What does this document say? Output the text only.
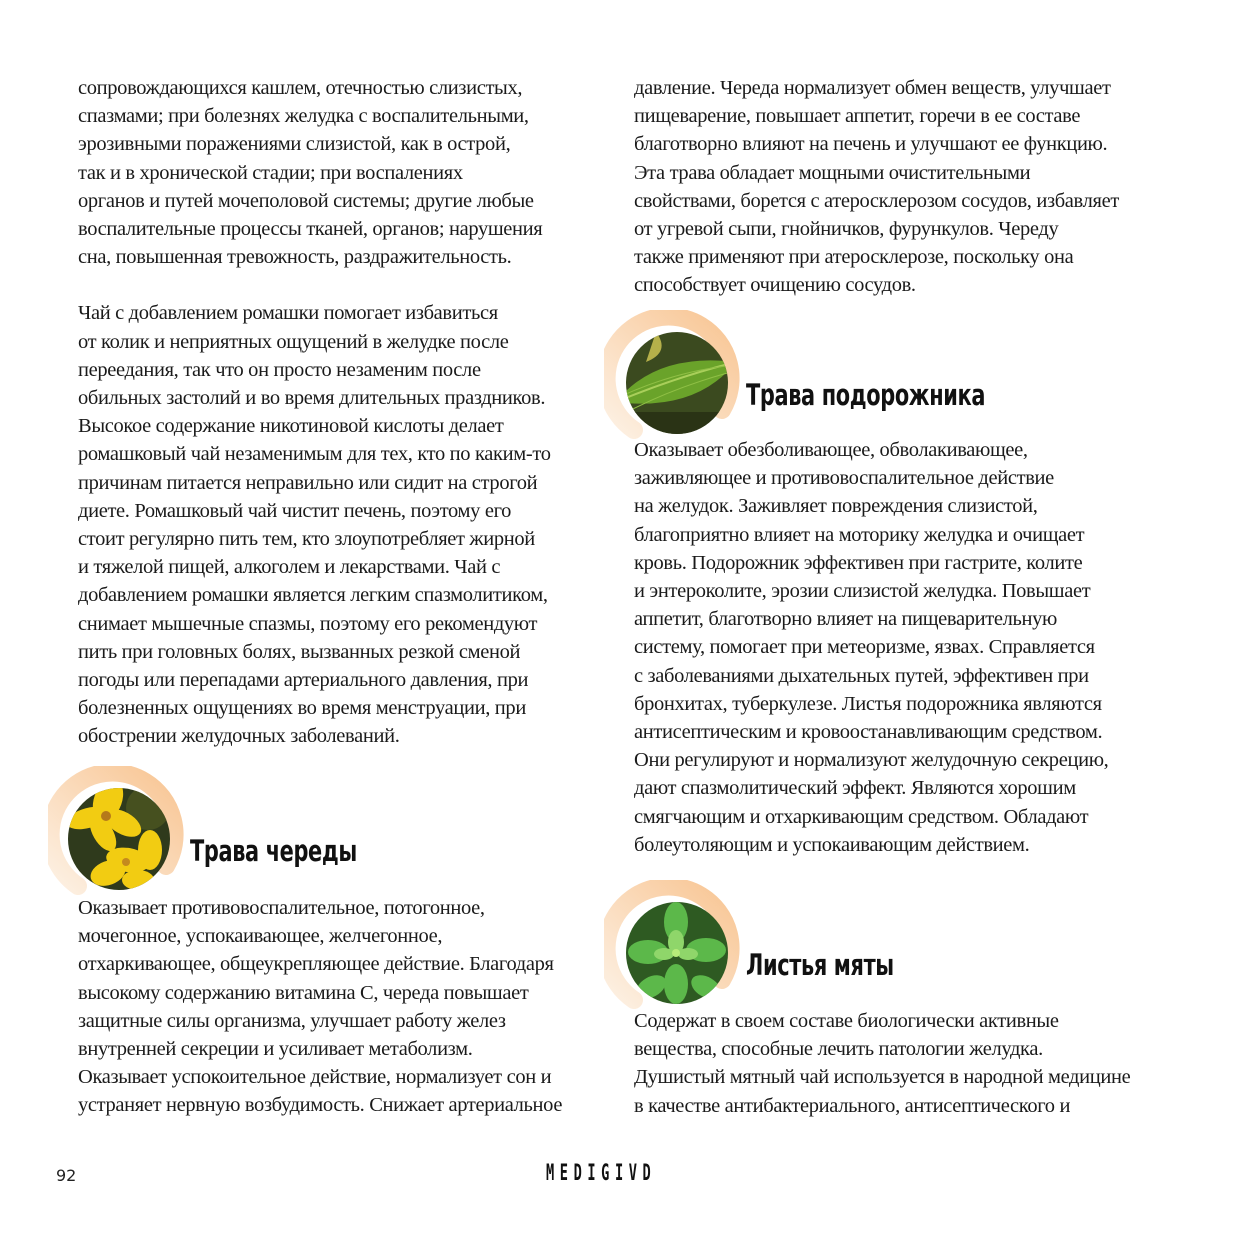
сопровождающихся кашлем, отечностью слизистых,
спазмами; при болезнях желудка с воспалительными,
эрозивными поражениями слизистой, как в острой,
так и в хронической стадии; при воспалениях
органов и путей мочеполовой системы; другие любые
воспалительные процессы тканей, органов; нарушения
сна, повышенная тревожность, раздражительность.

Чай с добавлением ромашки помогает избавиться
от колик и неприятных ощущений в желудке после
переедания, так что он просто незаменим после
обильных застолий и во время длительных праздников.
Высокое содержание никотиновой кислоты делает
ромашковый чай незаменимым для тех, кто по каким-то
причинам питается неправильно или сидит на строгой
диете. Ромашковый чай чистит печень, поэтому его
стоит регулярно пить тем, кто злоупотребляет жирной
и тяжелой пищей, алкоголем и лекарствами. Чай с
добавлением ромашки является легким спазмолитиком,
снимает мышечные спазмы, поэтому его рекомендуют
пить при головных болях, вызванных резкой сменой
погоды или перепадами артериального давления, при
болезненных ощущениях во время менструации, при
обострении желудочных заболеваний.

давление. Череда нормализует обмен веществ, улучшает
пищеварение, повышает аппетит, горечи в ее составе
благотворно влияют на печень и улучшают ее функцию.
Эта трава обладает мощными очистительными
свойствами, борется с атеросклерозом сосудов, избавляет
от угревой сыпи, гнойничков, фурункулов. Череду
также применяют при атеросклерозе, поскольку она
способствует очищению сосудов.

Трава череды

Оказывает противовоспалительное, потогонное,
мочегонное, успокаивающее, желчегонное,
отхаркивающее, общеукрепляющее действие. Благодаря
высокому содержанию витамина С, череда повышает
защитные силы организма, улучшает работу желез
внутренней секреции и усиливает метаболизм.
Оказывает успокоительное действие, нормализует сон и
устраняет нервную возбудимость. Снижает артериальное

Трава подорожника

Оказывает обезболивающее, обволакивающее,
заживляющее и противовоспалительное действие
на желудок. Заживляет повреждения слизистой,
благоприятно влияет на моторику желудка и очищает
кровь. Подорожник эффективен при гастрите, колите
и энтероколите, эрозии слизистой желудка. Повышает
аппетит, благотворно влияет на пищеварительную
систему, помогает при метеоризме, язвах. Справляется
с заболеваниями дыхательных путей, эффективен при
бронхитах, туберкулезе. Листья подорожника являются
антисептическим и кровоостанавливающим средством.
Они регулируют и нормализуют желудочную секрецию,
дают спазмолитический эффект. Являются хорошим
смягчающим и отхаркивающим средством. Обладают
болеутоляющим и успокаивающим действием.

Листья мяты

Содержат в своем составе биологически активные
вещества, способные лечить патологии желудка.
Душистый мятный чай используется в народной медицине
в качестве антибактериального, антисептического и

92	MEDIGIVD
